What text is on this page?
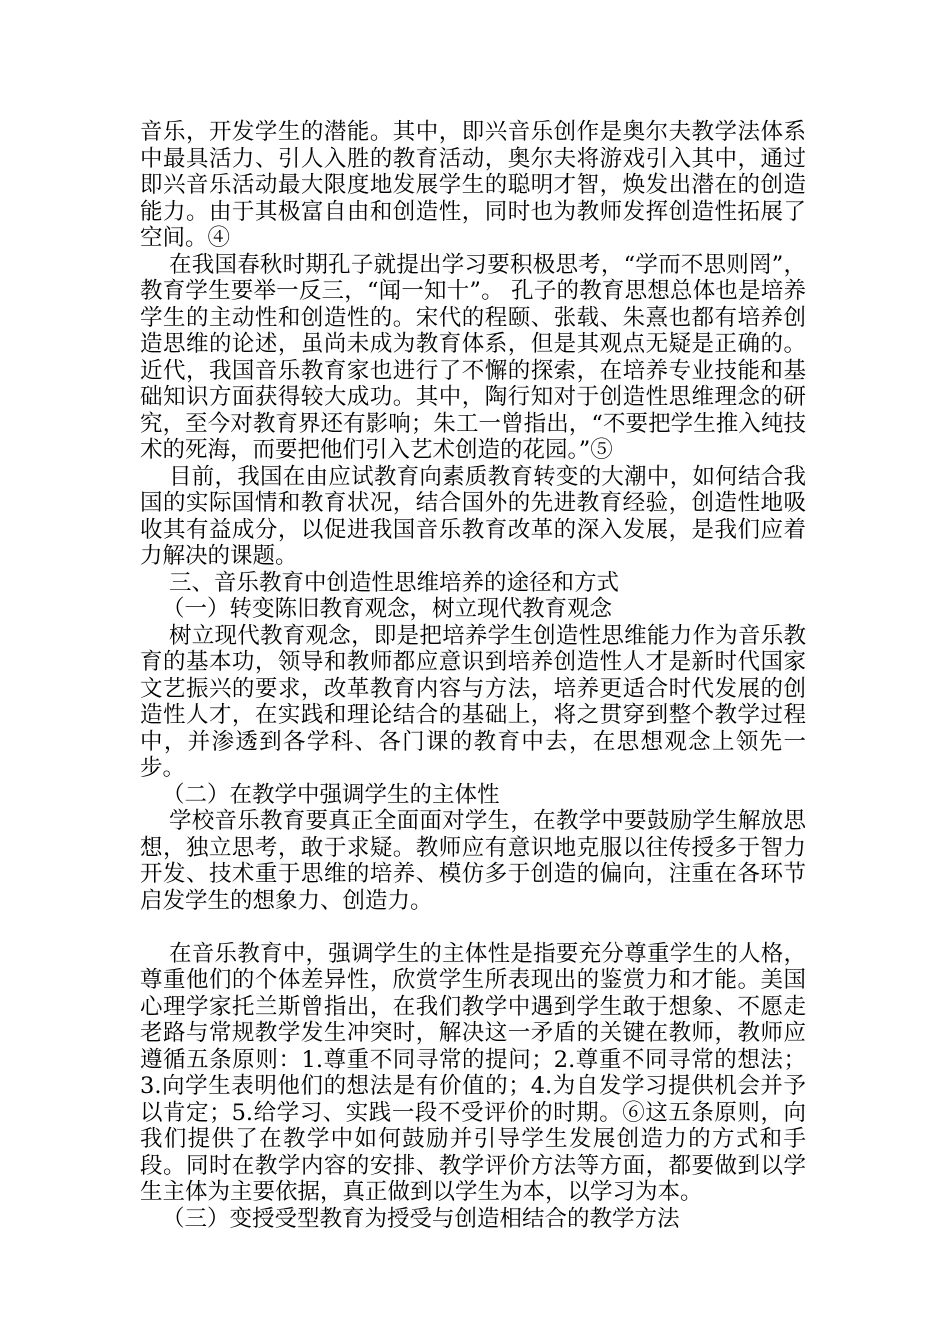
音乐，开发学生的潜能。其中，即兴音乐创作是奥尔夫教学法体系中最具活力、引人入胜的教育活动，奥尔夫将游戏引入其中，通过即兴音乐活动最大限度地发展学生的聪明才智，焕发出潜在的创造能力。由于其极富自由和创造性，同时也为教师发挥创造性拓展了空间。④

在我国春秋时期孔子就提出学习要积极思考，“学而不思则罔”，教育学生要举一反三，“闻一知十”。 孔子的教育思想总体也是培养学生的主动性和创造性的。宋代的程颐、张载、朱熹也都有培养创造思维的论述，虽尚未成为教育体系，但是其观点无疑是正确的。近代，我国音乐教育家也进行了不懈的探索，在培养专业技能和基础知识方面获得较大成功。其中，陶行知对于创造性思维理念的研究，至今对教育界还有影响；朱工一曾指出，“不要把学生推入纯技术的死海，而要把他们引入艺术创造的花园。”⑤

目前，我国在由应试教育向素质教育转变的大潮中，如何结合我国的实际国情和教育状况，结合国外的先进教育经验，创造性地吸收其有益成分，以促进我国音乐教育改革的深入发展，是我们应着力解决的课题。

三、音乐教育中创造性思维培养的途径和方式

（一）转变陈旧教育观念，树立现代教育观念

树立现代教育观念，即是把培养学生创造性思维能力作为音乐教育的基本功，领导和教师都应意识到培养创造性人才是新时代国家文艺振兴的要求，改革教育内容与方法，培养更适合时代发展的创造性人才，在实践和理论结合的基础上，将之贯穿到整个教学过程中，并渗透到各学科、各门课的教育中去，在思想观念上领先一步。

（二）在教学中强调学生的主体性

学校音乐教育要真正全面面对学生，在教学中要鼓励学生解放思想，独立思考，敢于求疑。教师应有意识地克服以往传授多于智力开发、技术重于思维的培养、模仿多于创造的偏向，注重在各环节启发学生的想象力、创造力。

在音乐教育中，强调学生的主体性是指要充分尊重学生的人格，尊重他们的个体差异性，欣赏学生所表现出的鉴赏力和才能。美国心理学家托兰斯曾指出，在我们教学中遇到学生敢于想象、不愿走老路与常规教学发生冲突时，解决这一矛盾的关键在教师，教师应遵循五条原则：1.尊重不同寻常的提问；2.尊重不同寻常的想法；3.向学生表明他们的想法是有价值的；4.为自发学习提供机会并予以肯定；5.给学习、实践一段不受评价的时期。⑥这五条原则，向我们提供了在教学中如何鼓励并引导学生发展创造力的方式和手段。同时在教学内容的安排、教学评价方法等方面，都要做到以学生主体为主要依据，真正做到以学生为本，以学习为本。

（三）变授受型教育为授受与创造相结合的教学方法
